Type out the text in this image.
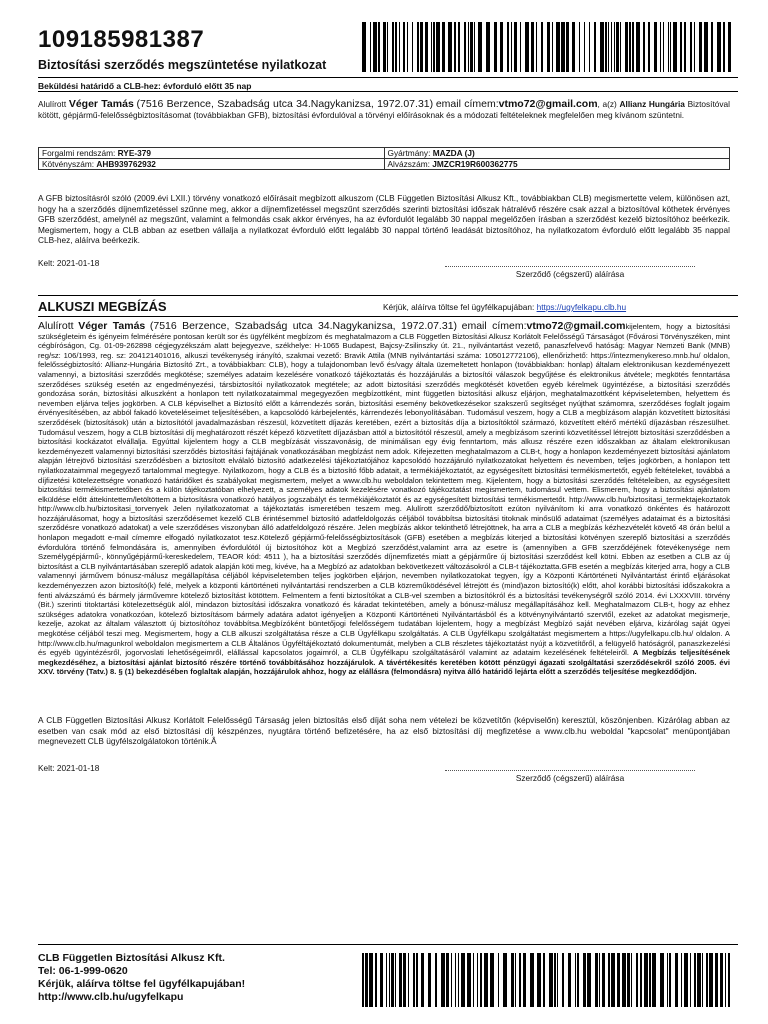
109185981387
Biztosítási szerződés megszüntetése nyilatkozat
Beküldési határidő a CLB-hez: évforduló előtt 35 nap
Alulírott Véger Tamás (7516 Berzence, Szabadság utca 34.Nagykanizsa, 1972.07.31) email címem:vtmo72@gmail.com, a(z) Allianz Hungária Biztosítóval kötött, gépjármű-felelősségbiztosításomat (továbbiakban GFB), biztosítási évfordulóval a törvényi előírásoknak és a módozati feltételeknek megfelelően meg kívánom szüntetni.
Forgalmi rendszám: RYE-379	Gyártmány: MAZDA (J)
Kötvényszám: AHB939762932	Alvázszám: JMZCR19R600362775
A GFB biztosításról szóló (2009.évi LXII.) törvény vonatkozó előírásait megbízott alkuszom (CLB Független Biztosítási Alkusz Kft., továbbiakban CLB) megismertette velem, különösen azt, hogy ha a szerződés díjnemfizetéssel szűnne meg, akkor a díjnemfizetéssel megszűnt szerződés szerinti biztosítási időszak hátralévő részére csak azzal a biztosítóval köthetek érvényes GFB szerződést, amelynél az megszűnt, valamint a felmondás csak akkor érvényes, ha az évfordulót legalább 30 nappal megelőzően írásban a szerződést kezelő biztosítóhoz beérkezik. Megismertem, hogy a CLB abban az esetben vállalja a nyilatkozat évforduló előtt legalább 30 nappal történő leadását biztosítóhoz, ha nyilatkozatom évforduló előtt legalább 35 nappal CLB-hez, aláírva beérkezik.
Kelt: 2021-01-18
Szerződő (cégszerű) aláírása
ALKUSZI MEGBÍZÁS	Kérjük, aláírva töltse fel ügyfélkapujában: https://ugyfelkapu.clb.hu
Alulírott Véger Tamás (7516 Berzence, Szabadság utca 34.Nagykanizsa, 1972.07.31) email címem:vtmo72@gmail.comkijelentem, hogy a biztosítási szükségleteim és igényeim felmérésére pontosan került sor és ügyfélként megbízom és meghatalmazom a CLB Független Biztosítási Alkusz Korlátolt Felelősségű Társaságot (Fővárosi Törvényszéken, mint cégbíróságon, Cg. 01-09-262898 cégjegyzékszám alatt bejegyezve, székhelye: H-1065 Budapest, Bajcsy-Zsilinszky út. 21., nyilvántartást vezető, panaszfelvevő hatóság: Magyar Nemzeti Bank (MNB) reg/sz: 106/1993, reg. sz: 204121401016, alkuszi tevékenység irányító, szakmai vezető: Bravik Attila (MNB nyilvántartási száma: 105012772106), ellenőrizhető: https://intezmenykereso.mnb.hu/ oldalon, felelősségbiztosító: Allianz-Hungária Biztosító Zrt., a továbbiakban: CLB), hogy a tulajdonomban levő és/vagy általa üzemeltetett honlapon (továbbiakban: honlap) általam elektronikusan kezdeményezett valamennyi, a biztosítási szerződés megkötése; személyes adataim kezelésére vonatkozó tájékoztatás és hozzájárulás a biztosítói válaszok begyűjtése és elektronikus átvétele; megkötés fenntartása szerződéses szükség esetén az engedményezési, társbiztosítói nyilatkozatok megtétele; az adott biztosítási szerződés megkötését követően egyéb kérelmek ügyintézése, a biztosítási szerződés gondozása során, biztosítási alkuszként a honlapon tett nyilatkozataimmal megegyezően megbízottként, mint független biztosítási alkusz eljárjon, meghatalmazottként képviseletemben, helyettem és nevemben eljárva teljes jogkörben. A CLB képviselhet a Biztosító előtt a kárrendezés során, biztosítási esemény bekövetkezésekor szakszerű segítséget nyújthat számomra, szerződéses foglalt jogaim érvényesítésében, az abból fakadó követeléseimet teljesítésében, a kapcsolódó kárbejelentés, kárrendezés lebonyolításában. Tudomásul veszem, hogy a CLB a megbízásom alapján közvetített biztosítási szerződések (biztosítások) után a biztosítótól javadalmazásban részesül, közvetített díjazás keretében, ezért a biztosítás díja a biztosítóktól származó, közvetített eltérő mértékű díjazásban részesülhet. Tudomásul veszem, hogy a CLB biztosítási díj meghatározott részét képező közvetített díjazásban attól a biztosítótól részesül, amely a megbízásom szerinti közvetítéssel létrejött biztosítási szerződésben a biztosítási kockázatot elvállalja. Egyúttal kijelentem hogy a CLB megbízását visszavonásig, de minimálisan egy évig fenntartom, más alkusz részére ezen időszakban az általam elektronikusan kezdeményezett valamennyi biztosítási szerződés biztosítási fajtájának vonatkozásában megbízást nem adok. Kifejezetten meghatalmazom a CLB-t, hogy a honlapon kezdeményezett biztosítási ajánlatom alapján létrejövő biztosítási szerződésben a biztosított elválaló biztosító adatkezelési tájékoztatójához kapcsolódó hozzájáruló nyilatkozatokat helyettem és nevemben, teljes jogkörben, a honlapon tett nyilatkozataimmal megegyező tartalommal megtegye. Nyilatkozom, hogy a CLB és a biztosító főbb adatait, a termékiájékoztatót, az egységesített biztosítási termékismertetőt, egyéb feltételeket, továbbá a díjfizetési kötelezettségre vonatkozó határidőket és szabályokat megismertem, melyet a www.clb.hu weboldalon tekintettem meg. Kijelentem, hogy a biztosítási szerződés feltételeiben, az egységesített biztosítási termékismertetőben és a külön tájékoztatóban elhelyezett, a személyes adatok kezelésére vonatkozó tájékoztatást megismertem, tudomásul vettem. Elismerem, hogy a biztosítási ajánlatom elküldése előtt áttekintettem/letöltöttem a biztosításra vonatkozó hatályos jogszabályt és termékiájékoztatót és az egységesített biztosítási termékismertetőt. http://www.clb.hu/biztositasi_termektajekoztatok http://www.clb.hu/biztositasi_torvenyek Jelen nyilatkozatomat a tájékoztatás ismeretében teszem meg. Alulírott szerződő/biztosított ezúton nyilvánítom ki arra vonatkozó önkéntes és határozott hozzájárulásomat, hogy a biztosítási szerződésemet kezelő CLB érintésemmel biztosító adatfeldolgozás céljából továbbítsa biztosítási titoknak minősülő adataimat (személyes adataimat és a biztosítási szerződésre vonatkozó adatokat) a vele szerződéses viszonyban álló adatfeldolgozó részére. Jelen megbízás akkor tekinthető létrejöttnek, ha arra a CLB a megbízás kézhezvételét követő 48 órán belül a honlapon megadott e-mail címemre elfogadó nyilatkozatot tesz.Kötelező gépjármű-felelősségbiztosítások (GFB) esetében a megbízás kiterjed a biztosítási kötvényen szereplő biztosítási a szerződés évfordulóra történő felmondására is, amennyiben évfordulótól új biztosítóhoz köt a Megbízó szerződést,valamint arra az esetre is (amennyiben a GFB szerződéjének fötevékenysége nem Személygépjármű-, könnyűgépjármű-kereskedelem, TEAOR kód: 4511 ), ha a biztosítási szerződés díjnemfizetés miatt a gépjárműre új biztosítási szerződést kell kötni. Ebben az esetben a CLB az új biztosítást a CLB nyilvántartásában szereplő adatok alapján köti meg, kivéve, ha a Megbízó az adatokban bekövetkezett változásokról a CLB-t tájékoztatta.GFB esetén a megbízás kiterjed arra, hogy a CLB valamennyi járművem bónusz-málusz megállapítása céljából képviseletemben teljes jogkörben eljárjon, nevemben nyilatkozatokat tegyen, így a Központi Kártörténeti Nyilvántartást érintő eljárásokat kezdeményezzen azon biztosító(k) felé, melyek a központi kártörténeti nyilvántartási rendszerben a CLB közreműködésével létrejött és (mind)azon biztosító(k) előtt, ahol korábbi biztosítási időszakokra a fenti alvázszámú és bármely járművemre kötelező biztosítást kötöttem. Felmentem a fenti biztosítókat a CLB-vel szemben a biztosítókról és a biztosítási tevékenységről szóló 2014. évi LXXXVIII. törvény (Bit.) szerinti titoktartási kötelezettségük alól, mindazon biztosítási időszakra vonatkozó és káradat tekintetében, amely a bónusz-málusz megállapításához kell. Meghatalmazom CLB-t, hogy az ehhez szükséges adatokra vonatkozóan, kötelező biztosításom bármely adatára adatot igényeljen a Központi Kártörténeti Nyilvántartásból és a kötvénynyilvántartó szervtől, ezeket az adatokat megismerje, kezelje, azokat az általam választott új biztosítóhoz továbbítsa.Megbízóként büntetőjogi felelősségem tudatában kijelentem, hogy a megbízást Megbízó saját nevében eljárva, kizárólag saját ügyei megkötése céljából teszi meg. Megismertem, hogy a CLB alkuszi szolgáltatása része a CLB Ügyfélkapu szolgáltatás. A CLB Ügyfélkapu szolgáltatást megismertem a https://ugyfelkapu.clb.hu/ oldalon. A http://www.clb.hu/magunkrol weboldalon megismertem a CLB Általános Ügyféltájékoztató dokumentumát, melyben a CLB részletes tájékoztatást nyújt a közvetítőről, a felügyelő hatóságról, panaszkezelési és egyéb ügyintézésről, jogorvoslati lehetőségeimről, elállással kapcsolatos jogaimról, a CLB Ügyfélkapu szolgáltatásáról valamint az adataim kezelésének feltételeiről. A Megbízás teljesítésének megkezdéséhez, a biztosítási ajánlat biztosító részére történő továbbításához hozzájárulok. A távértékesítés keretében kötött pénzügyi ágazati szolgáltatási szerződésekről szóló 2005. évi XXV. törvény (Tatv.) 8. § (1) bekezdésében foglaltak alapján, hozzájárulok ahhoz, hogy az elállásra (felmondásra) nyitva álló határidő lejárta előtt a szerződés teljesítése megkezdődjön.
A CLB Független Biztosítási Alkusz Korlátolt Felelősségű Társaság jelen biztosítás első díját soha nem vételezi be közvetítőn (képviselőn) keresztül, köszönjenben. Kizárólag abban az esetben van csak mód az első biztosítási díj készpénzes, nyugtára történő befizetésére, ha az első biztosítási díj megfizetése a www.clb.hu weboldal "kapcsolat" menüpontjában megnevezett CLB ügyfélszolgálatokon történik.Â
Kelt: 2021-01-18
Szerződő (cégszerű) aláírása
CLB Független Biztosítási Alkusz Kft.
Tel: 06-1-999-0620
Kérjük, aláírva töltse fel ügyfélkapujában!
http://www.clb.hu/ugyfelkapu
